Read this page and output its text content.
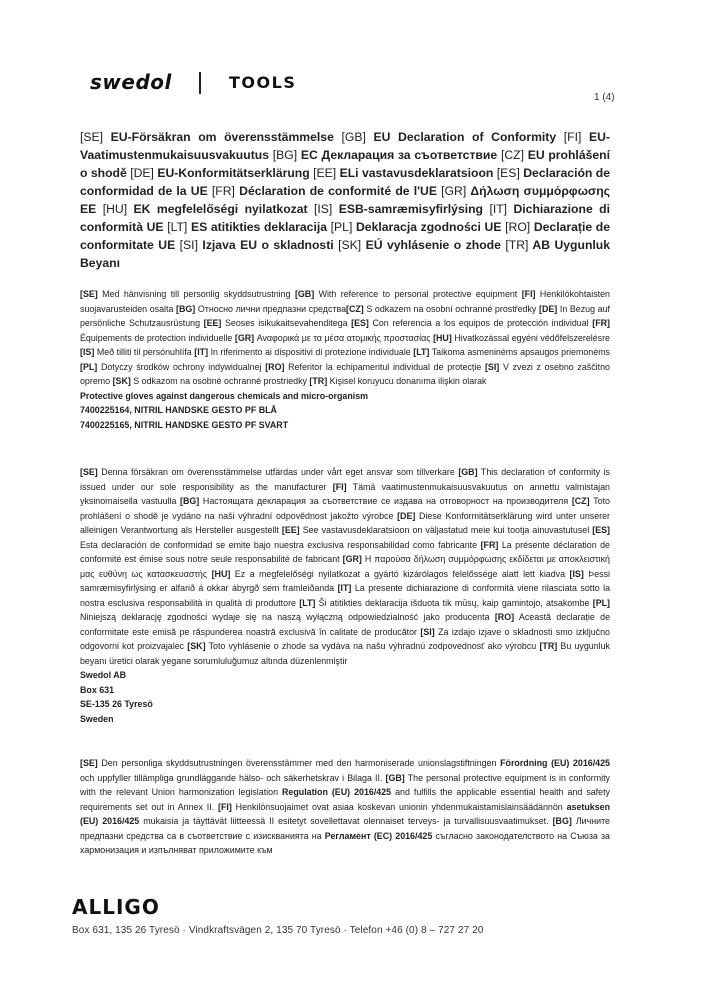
swedol	TOOLS
1 (4)
[SE] EU-Försäkran om överensstämmelse [GB] EU Declaration of Conformity [FI] EU-Vaatimustenmukaisuusvakuutus [BG] ЕС Декларация за съответствие [CZ] EU prohlášení o shodě [DE] EU-Konformitätserklärung [EE] ELi vastavusdeklaratsioon [ES] Declaración de conformidad de la UE [FR] Déclaration de conformité de l'UE [GR] Δήλωση συμμόρφωσης ΕΕ [HU] EK megfelelőségi nyilatkozat [IS] ESB-samræmisyfirlýsing [IT] Dichiarazione di conformità UE [LT] ES atitikties deklaracija [PL] Deklaracja zgodności UE [RO] Declarație de conformitate UE [SI] Izjava EU o skladnosti [SK] EÚ vyhlásenie o zhode [TR] AB Uygunluk Beyanı
[SE] Med hänvisning till personlig skyddsutrustning [GB] With reference to personal protective equipment [FI] Henkilökohtaisten suojavarusteiden osalta [BG] Относно лични предпазни средства[CZ] S odkazem na osobní ochranné prostředky [DE] In Bezug auf persönliche Schutzausrüstung [EE] Seoses isikukaitsevahenditega [ES] Con referencia a los equipos de protección individual [FR] Équipements de protection individuelle [GR] Αναφορικά με τα μέσα ατομικής προστασίας [HU] Hivatkozással egyéni védőfelszerelésre [IS] Með tilliti til persónuhlífa [IT] In riferimento ai dispositivi di protezione individuale [LT] Taikoma asmeninėms apsaugos priemonėms [PL] Dotyczy środków ochrony indywidualnej [RO] Referitor la echipamentul individual de protecție [SI] V zvezi z osebno zaščitno opremo [SK] S odkazom na osobné ochranné prostriedky [TR] Kişisel koruyucu donanıma ilişkin olarak
Protective gloves against dangerous chemicals and micro-organism
7400225164, NITRIL HANDSKE GESTO PF BLÅ
7400225165, NITRIL HANDSKE GESTO PF SVART
[SE] Denna försäkran om överensstämmelse utfärdas under vårt eget ansvar som tillverkare [GB] This declaration of conformity is issued under our sole responsibility as the manufacturer [FI] Tämä vaatimustenmukaisuusvakuutus on annettu valmistajan yksinomaisella vastuulla [BG] Настоящата декларация за съответствие се издава на отговорност на производителя [CZ] Toto prohlášení o shodě je vydáno na naši výhradní odpovědnost jakožto výrobce [DE] Diese Konformitätserklärung wird unter unserer alleinigen Verantwortung als Hersteller ausgestellt [EE] See vastavusdeklaratsioon on väljastatud meie kui tootja ainuvastutusel [ES] Esta declaración de conformidad se emite bajo nuestra exclusiva responsabilidad como fabricante [FR] La présente déclaration de conformité est émise sous notre seule responsabilité de fabricant [GR] Η παρούσα δήλωση συμμόρφωσης εκδίδεται με αποκλειστική μας ευθύνη ως κατασκευαστής [HU] Ez a megfelelőségi nyilatkozat a gyártó kizárólagos felelőssége alatt lett kiadva [IS] Þessi samræmisyfirlýsing er alfarið á okkar ábyrgð sem framleiðanda [IT] La presente dichiarazione di conformità viene rilasciata sotto la nostra esclusiva responsabilità in qualità di produttore [LT] Ši atitikties deklaracija išduota tik mūsų, kaip gamintojo, atsakombe [PL] Niniejszą deklarację zgodności wydaje się na naszą wyłączną odpowiedzialność jako producenta [RO] Această declarație de conformitate este emisă pe răspunderea noastră exclusivă în calitate de producător [SI] Za izdajo izjave o skladnosti smo izključno odgovorni kot proizvajalec [SK] Toto vyhlásenie o zhode sa vydáva na našu výhradnú zodpovednosť ako výrobcu [TR] Bu uygunluk beyanı üretici olarak yegane sorumluluğumuz altında düzenlenmiştir
Swedol AB
Box 631
SE-135 26 Tyresö
Sweden
[SE] Den personliga skyddsutrustningen överensstämmer med den harmoniserade unionslagstiftningen Förordning (EU) 2016/425 och uppfyller tillämpliga grundläggande hälso- och säkerhetskrav i Bilaga II. [GB] The personal protective equipment is in conformity with the relevant Union harmonization legislation Regulation (EU) 2016/425 and fulfills the applicable essential health and safety requirements set out in Annex II. [FI] Henkilönsuojaimet ovat asiaa koskevan unionin yhdenmukaistamislainsäädännön asetuksen (EU) 2016/425 mukaisia ja täyttävät liitteessä II esitetyt sovellettavat olennaiset terveys- ja turvallisuusvaatimukset. [BG] Личните предпазни средства са в съответствие с изискванията на Регламент (ЕС) 2016/425 съгласно законодателството на Съюза за хармонизация и изпълняват приложимите към
ALLIGO
Box 631, 135 26 Tyresö · Vindkraftsvägen 2, 135 70 Tyresö · Telefon +46 (0) 8 – 727 27 20
